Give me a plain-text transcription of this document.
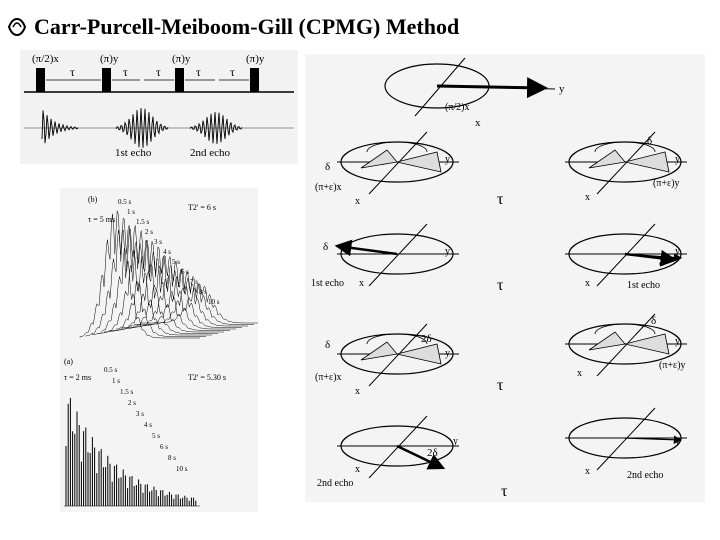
Carr-Purcell-Meiboom-Gill (CPMG) Method
(π/2)x	(π)y	(π)y	(π)y
τ	τ τ	τ τ
1st echo	2nd echo
(b)
T2' = 6 s
τ = 5 ms
0.5 s
1 s
1.5 s
2 s
3 s
4 s
5 s
6 s
7 s
8 s
10 s
(a)
T2' = 5.30 s
τ = 2 ms
0.5 s
1 s
1.5 s
2 s
3 s
4 s
5 s
6 s
8 s
10 s
y
x
(π/2)x
τ
τ
τ
τ
(π+ε)x
δ
x
y
δ
1st echo x
y
δ	2δ
(π+ε)x
x
y
2δ
2nd echo
x
y
δ
(π+ε)y
x
y
δ
1st echo
x
y
δ
(π+ε)y
x
y
2nd echo
x
y
